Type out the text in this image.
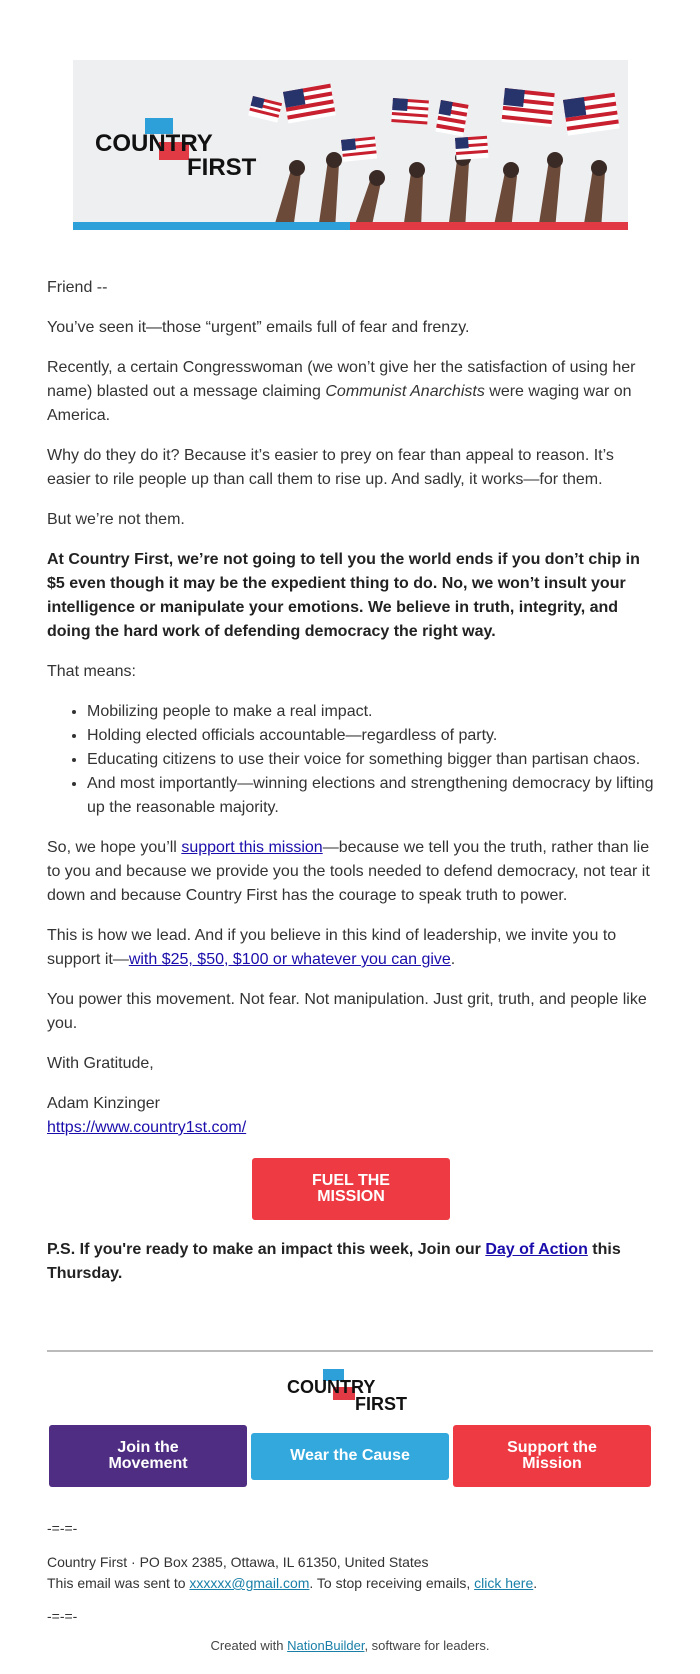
COUNTRY
FIRST

Friend --

You’ve seen it—those “urgent” emails full of fear and frenzy.

Recently, a certain Congresswoman (we won’t give her the satisfaction of using her name) blasted out a message claiming Communist Anarchists were waging war on America.

Why do they do it? Because it’s easier to prey on fear than appeal to reason. It’s easier to rile people up than call them to rise up. And sadly, it works—for them.

But we’re not them.

At Country First, we’re not going to tell you the world ends if you don’t chip in $5 even though it may be the expedient thing to do. No, we won’t insult your intelligence or manipulate your emotions. We believe in truth, integrity, and doing the hard work of defending democracy the right way.

That means:

• Mobilizing people to make a real impact.
• Holding elected officials accountable—regardless of party.
• Educating citizens to use their voice for something bigger than partisan chaos.
• And most importantly—winning elections and strengthening democracy by lifting up the reasonable majority.

So, we hope you’ll support this mission—because we tell you the truth, rather than lie to you and because we provide you the tools needed to defend democracy, not tear it down and because Country First has the courage to speak truth to power.

This is how we lead. And if you believe in this kind of leadership, we invite you to support it—with $25, $50, $100 or whatever you can give.

You power this movement. Not fear. Not manipulation. Just grit, truth, and people like you.

With Gratitude,

Adam Kinzinger

https://www.country1st.com/

FUEL THE
MISSION

P.S. If you're ready to make an impact this week, Join our Day of Action this Thursday.

COUNTRY
FIRST
Join the
Movement	Wear the Cause	Support the
Mission
-=-=-
Country First · PO Box 2385, Ottawa, IL 61350, United States
This email was sent to xxxxxx@gmail.com. To stop receiving emails, click here.
-=-=-
Created with NationBuilder, software for leaders.
